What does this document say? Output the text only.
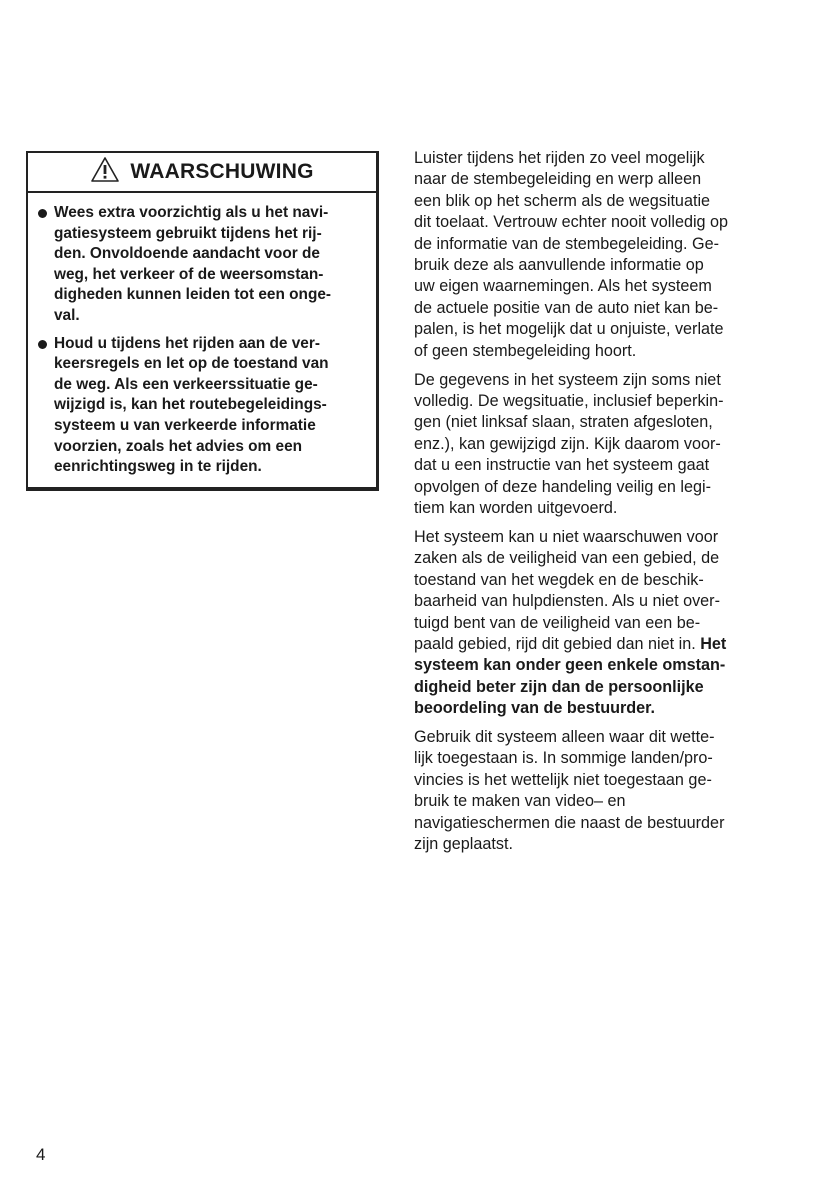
WAARSCHUWING
Wees extra voorzichtig als u het navi-
gatiesysteem gebruikt tijdens het rij-
den. Onvoldoende aandacht voor de
weg, het verkeer of de weersomstan-
digheden kunnen leiden tot een onge-
val.
Houd u tijdens het rijden aan de ver-
keersregels en let op de toestand van
de weg. Als een verkeerssituatie ge-
wijzigd is, kan het routebegeleidings-
systeem u van verkeerde informatie
voorzien, zoals het advies om een
eenrichtingsweg in te rijden.
Luister tijdens het rijden zo veel mogelijk
naar de stembegeleiding en werp alleen
een blik op het scherm als de wegsituatie
dit toelaat. Vertrouw echter nooit volledig op
de informatie van de stembegeleiding. Ge-
bruik deze als aanvullende informatie op
uw eigen waarnemingen. Als het systeem
de actuele positie van de auto niet kan be-
palen, is het mogelijk dat u onjuiste, verlate
of geen stembegeleiding hoort.
De gegevens in het systeem zijn soms niet
volledig. De wegsituatie, inclusief beperkin-
gen (niet linksaf slaan, straten afgesloten,
enz.), kan gewijzigd zijn. Kijk daarom voor-
dat u een instructie van het systeem gaat
opvolgen of deze handeling veilig en legi-
tiem kan worden uitgevoerd.
Het systeem kan u niet waarschuwen voor
zaken als de veiligheid van een gebied, de
toestand van het wegdek en de beschik-
baarheid van hulpdiensten. Als u niet over-
tuigd bent van de veiligheid van een be-
paald gebied, rijd dit gebied dan niet in. Het
systeem kan onder geen enkele omstan-
digheid beter zijn dan de persoonlijke
beoordeling van de bestuurder.
Gebruik dit systeem alleen waar dit wette-
lijk toegestaan is. In sommige landen/pro-
vincies is het wettelijk niet toegestaan ge-
bruik te maken van video– en
navigatieschermen die naast de bestuurder
zijn geplaatst.
4
